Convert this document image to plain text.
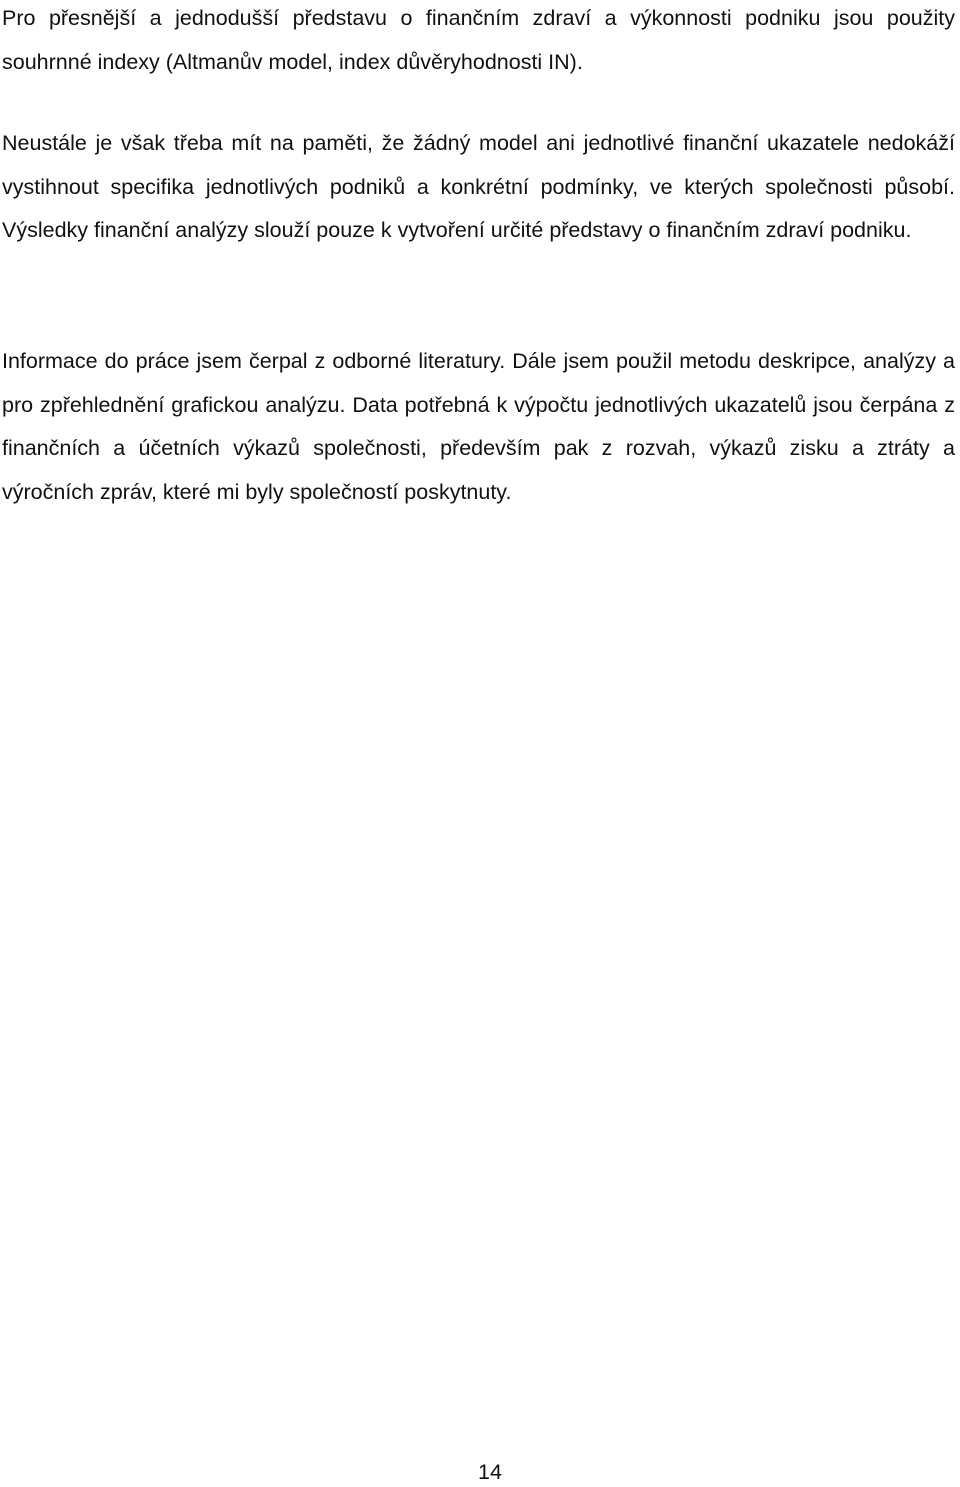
Pro přesnější a jednodušší představu o finančním zdraví a výkonnosti podniku jsou použity souhrnné indexy (Altmanův model, index důvěryhodnosti IN).

Neustále je však třeba mít na paměti, že žádný model ani jednotlivé finanční ukazatele nedokáží vystihnout specifika jednotlivých podniků a konkrétní podmínky, ve kterých společnosti působí. Výsledky finanční analýzy slouží pouze k vytvoření určité představy o finančním zdraví podniku.

Informace do práce jsem čerpal z odborné literatury. Dále jsem použil metodu deskripce, analýzy a pro zpřehlednění grafickou analýzu. Data potřebná k výpočtu jednotlivých ukazatelů jsou čerpána z finančních a účetních výkazů společnosti, především pak z rozvah, výkazů zisku a ztráty a výročních zpráv, které mi byly společností poskytnuty.

14
